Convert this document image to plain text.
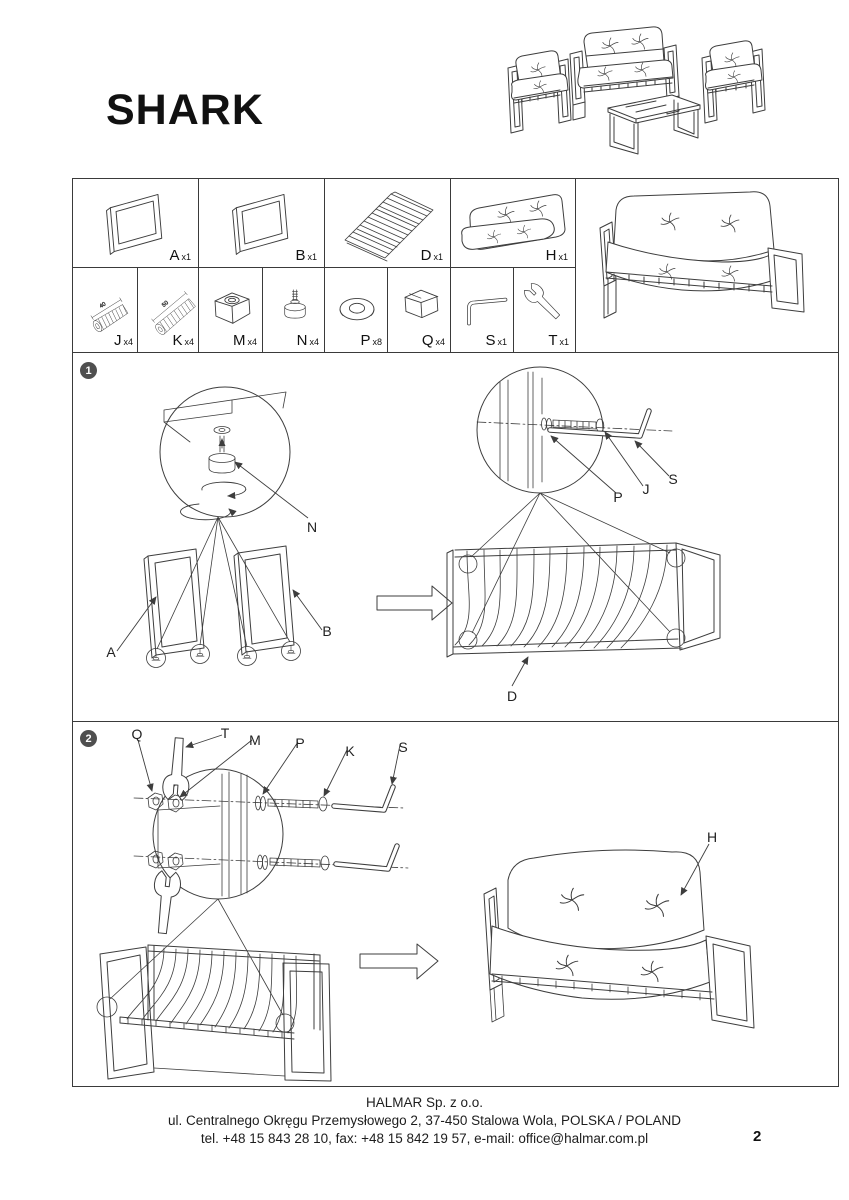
SHARK
Ax1	Bx1	Dx1	Hx1
40
Jx4
50
Kx4	Mx4	Nx4	Px8	Qx4	Sx1	Tx1
1
N
A
B
P J
S
D
2	Q	T M P	K	S
H
HALMAR Sp. z o.o.
ul. Centralnego Okręgu Przemysłowego 2, 37-450 Stalowa Wola, POLSKA / POLAND
tel. +48 15 843 28 10, fax: +48 15 842 19 57, e-mail: office@halmar.com.pl	2
